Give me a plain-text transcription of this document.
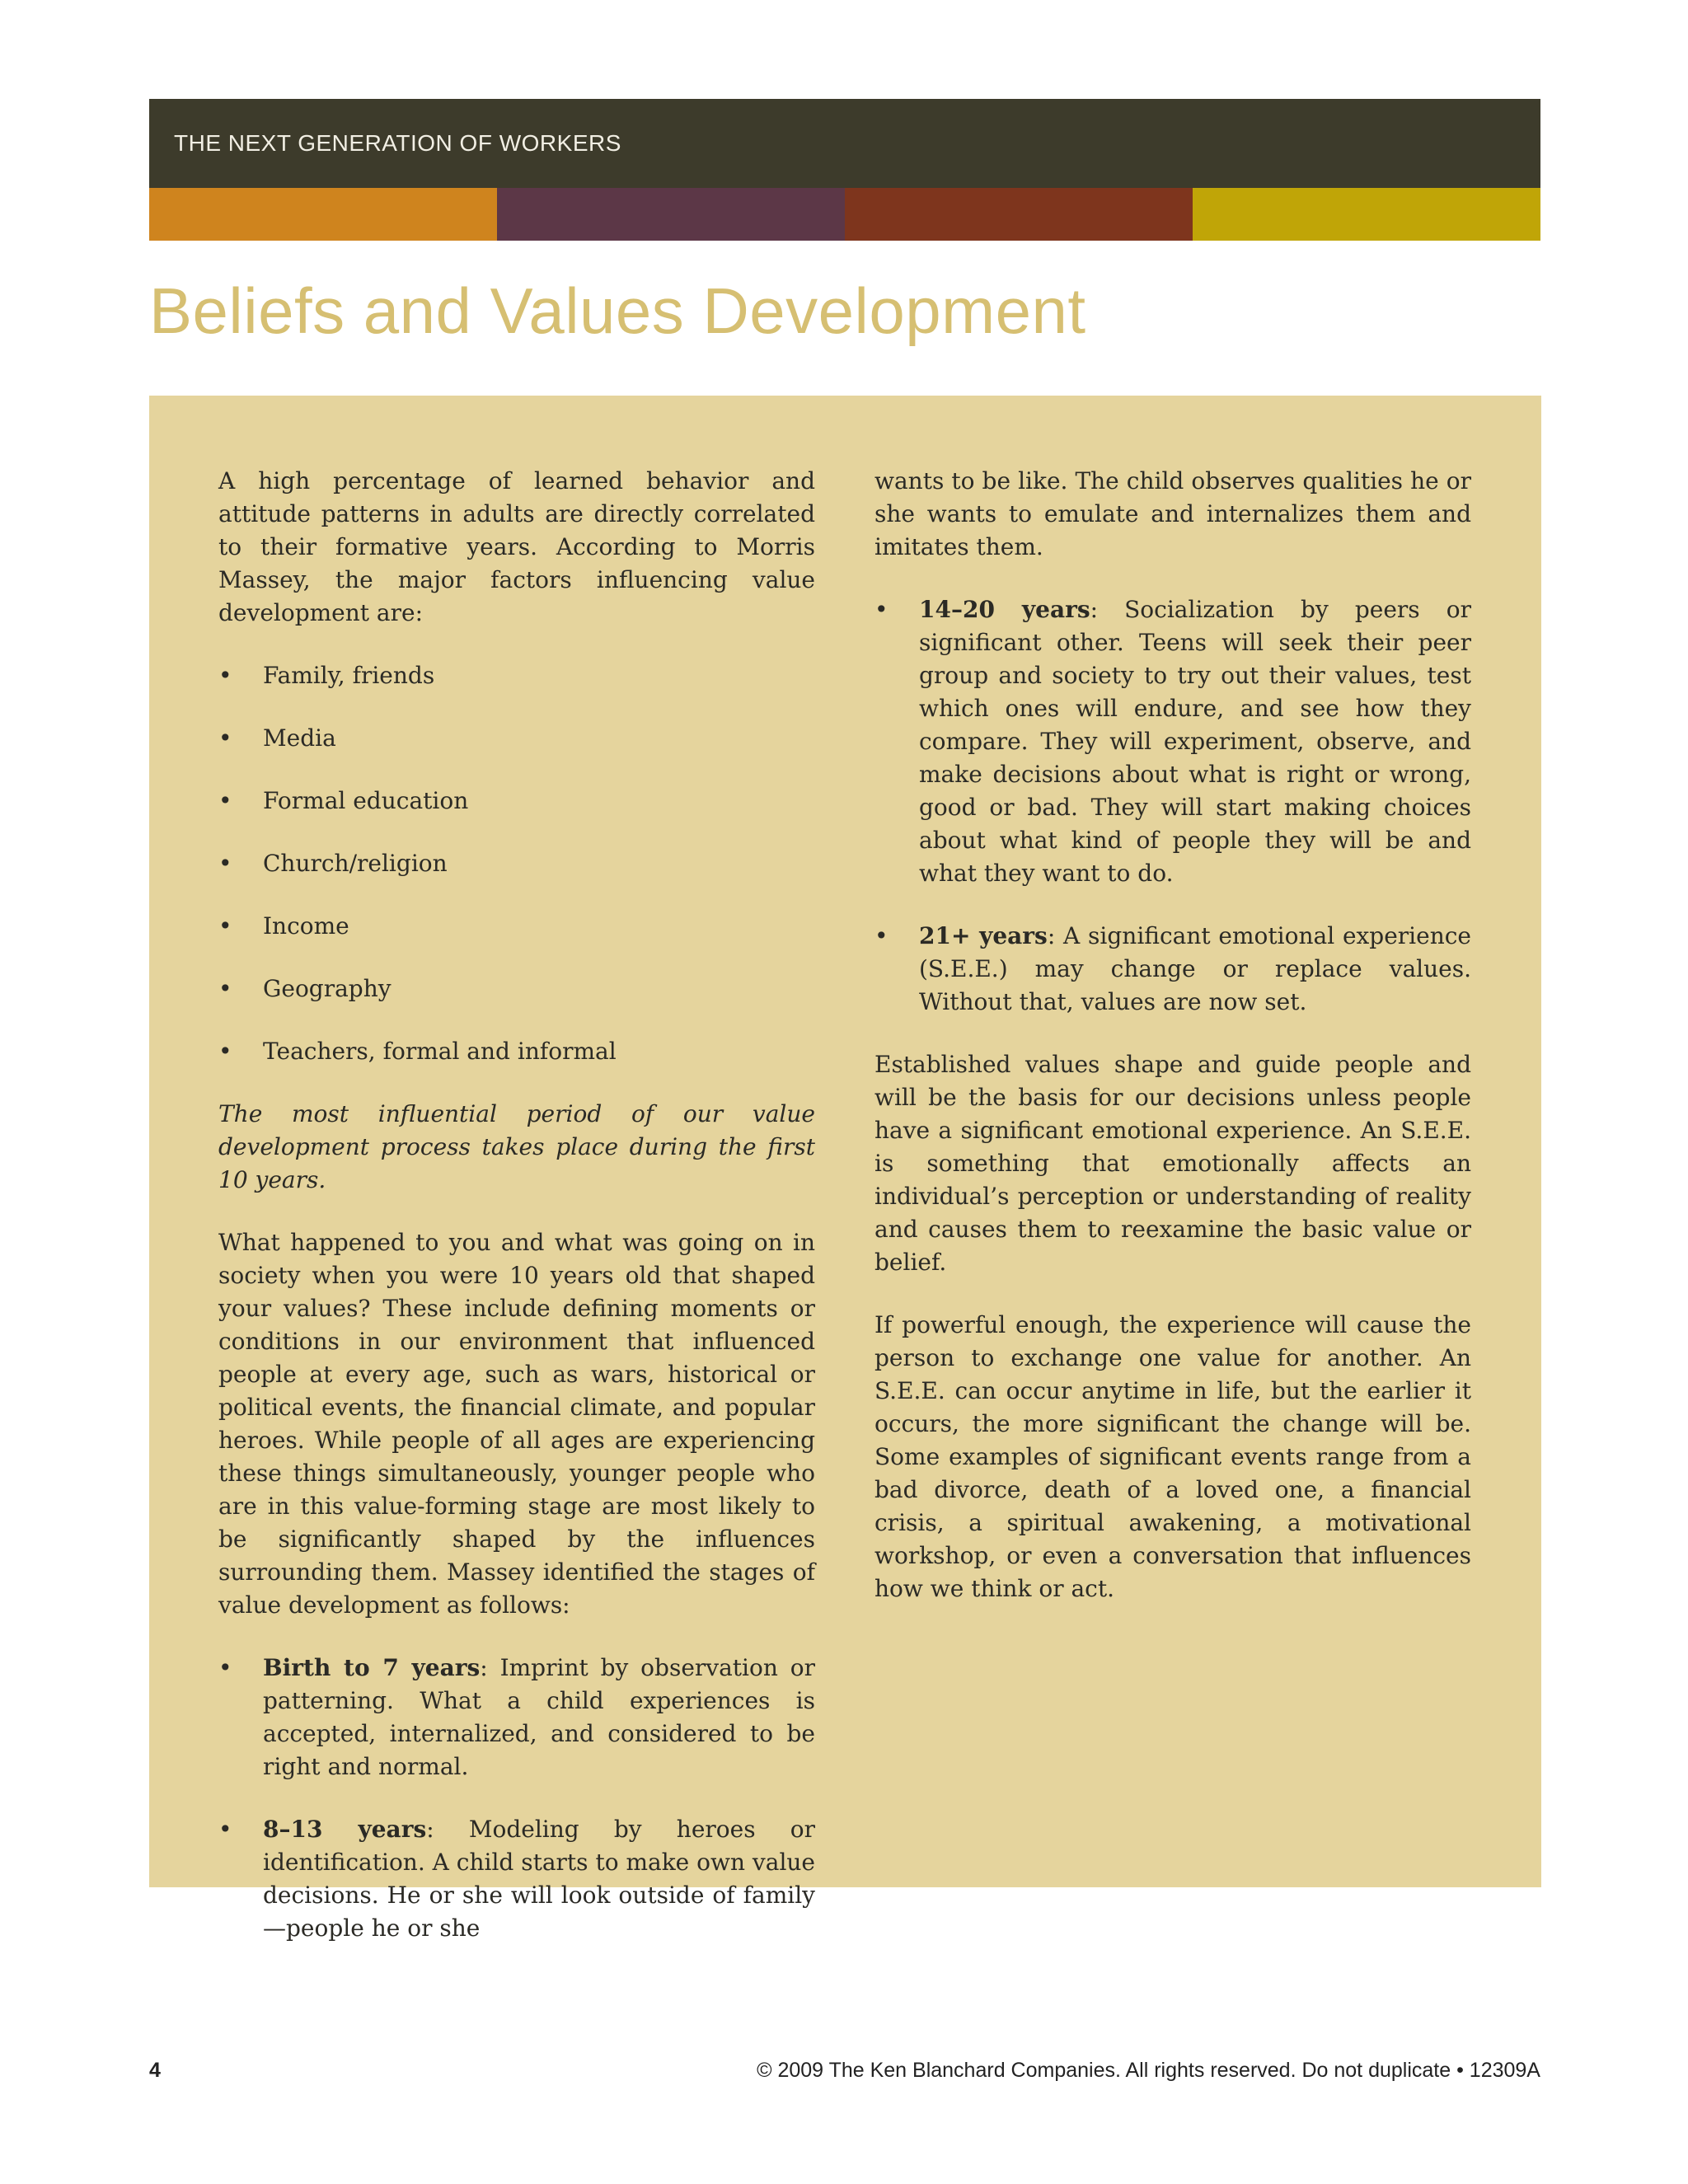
THE NEXT GENERATION OF WORKERS
Beliefs and Values Development

A high percentage of learned behavior and attitude patterns in adults are directly correlated to their formative years. According to Morris Massey, the major factors influencing value development are:

• Family, friends
• Media
• Formal education
• Church/religion
• Income
• Geography
• Teachers, formal and informal

The most influential period of our value development process takes place during the first 10 years.

What happened to you and what was going on in society when you were 10 years old that shaped your values? These include defining moments or conditions in our environment that influenced people at every age, such as wars, historical or political events, the financial climate, and popular heroes. While people of all ages are experiencing these things simultaneously, younger people who are in this value-forming stage are most likely to be significantly shaped by the influences surrounding them. Massey identified the stages of value development as follows:

• Birth to 7 years: Imprint by observation or patterning. What a child experiences is accepted, internalized, and considered to be right and normal.
• 8–13 years: Modeling by heroes or identification. A child starts to make own value decisions. He or she will look outside of family—people he or she

wants to be like. The child observes qualities he or she wants to emulate and internalizes them and imitates them.

• 14–20 years: Socialization by peers or significant other. Teens will seek their peer group and society to try out their values, test which ones will endure, and see how they compare. They will experiment, observe, and make decisions about what is right or wrong, good or bad. They will start making choices about what kind of people they will be and what they want to do.
• 21+ years: A significant emotional experience (S.E.E.) may change or replace values. Without that, values are now set.

Established values shape and guide people and will be the basis for our decisions unless people have a significant emotional experience. An S.E.E. is something that emotionally affects an individual’s perception or understanding of reality and causes them to reexamine the basic value or belief.

If powerful enough, the experience will cause the person to exchange one value for another. An S.E.E. can occur anytime in life, but the earlier it occurs, the more significant the change will be. Some examples of significant events range from a bad divorce, death of a loved one, a financial crisis, a spiritual awakening, a motivational workshop, or even a conversation that influences how we think or act.

4	© 2009 The Ken Blanchard Companies. All rights reserved. Do not duplicate • 12309A
